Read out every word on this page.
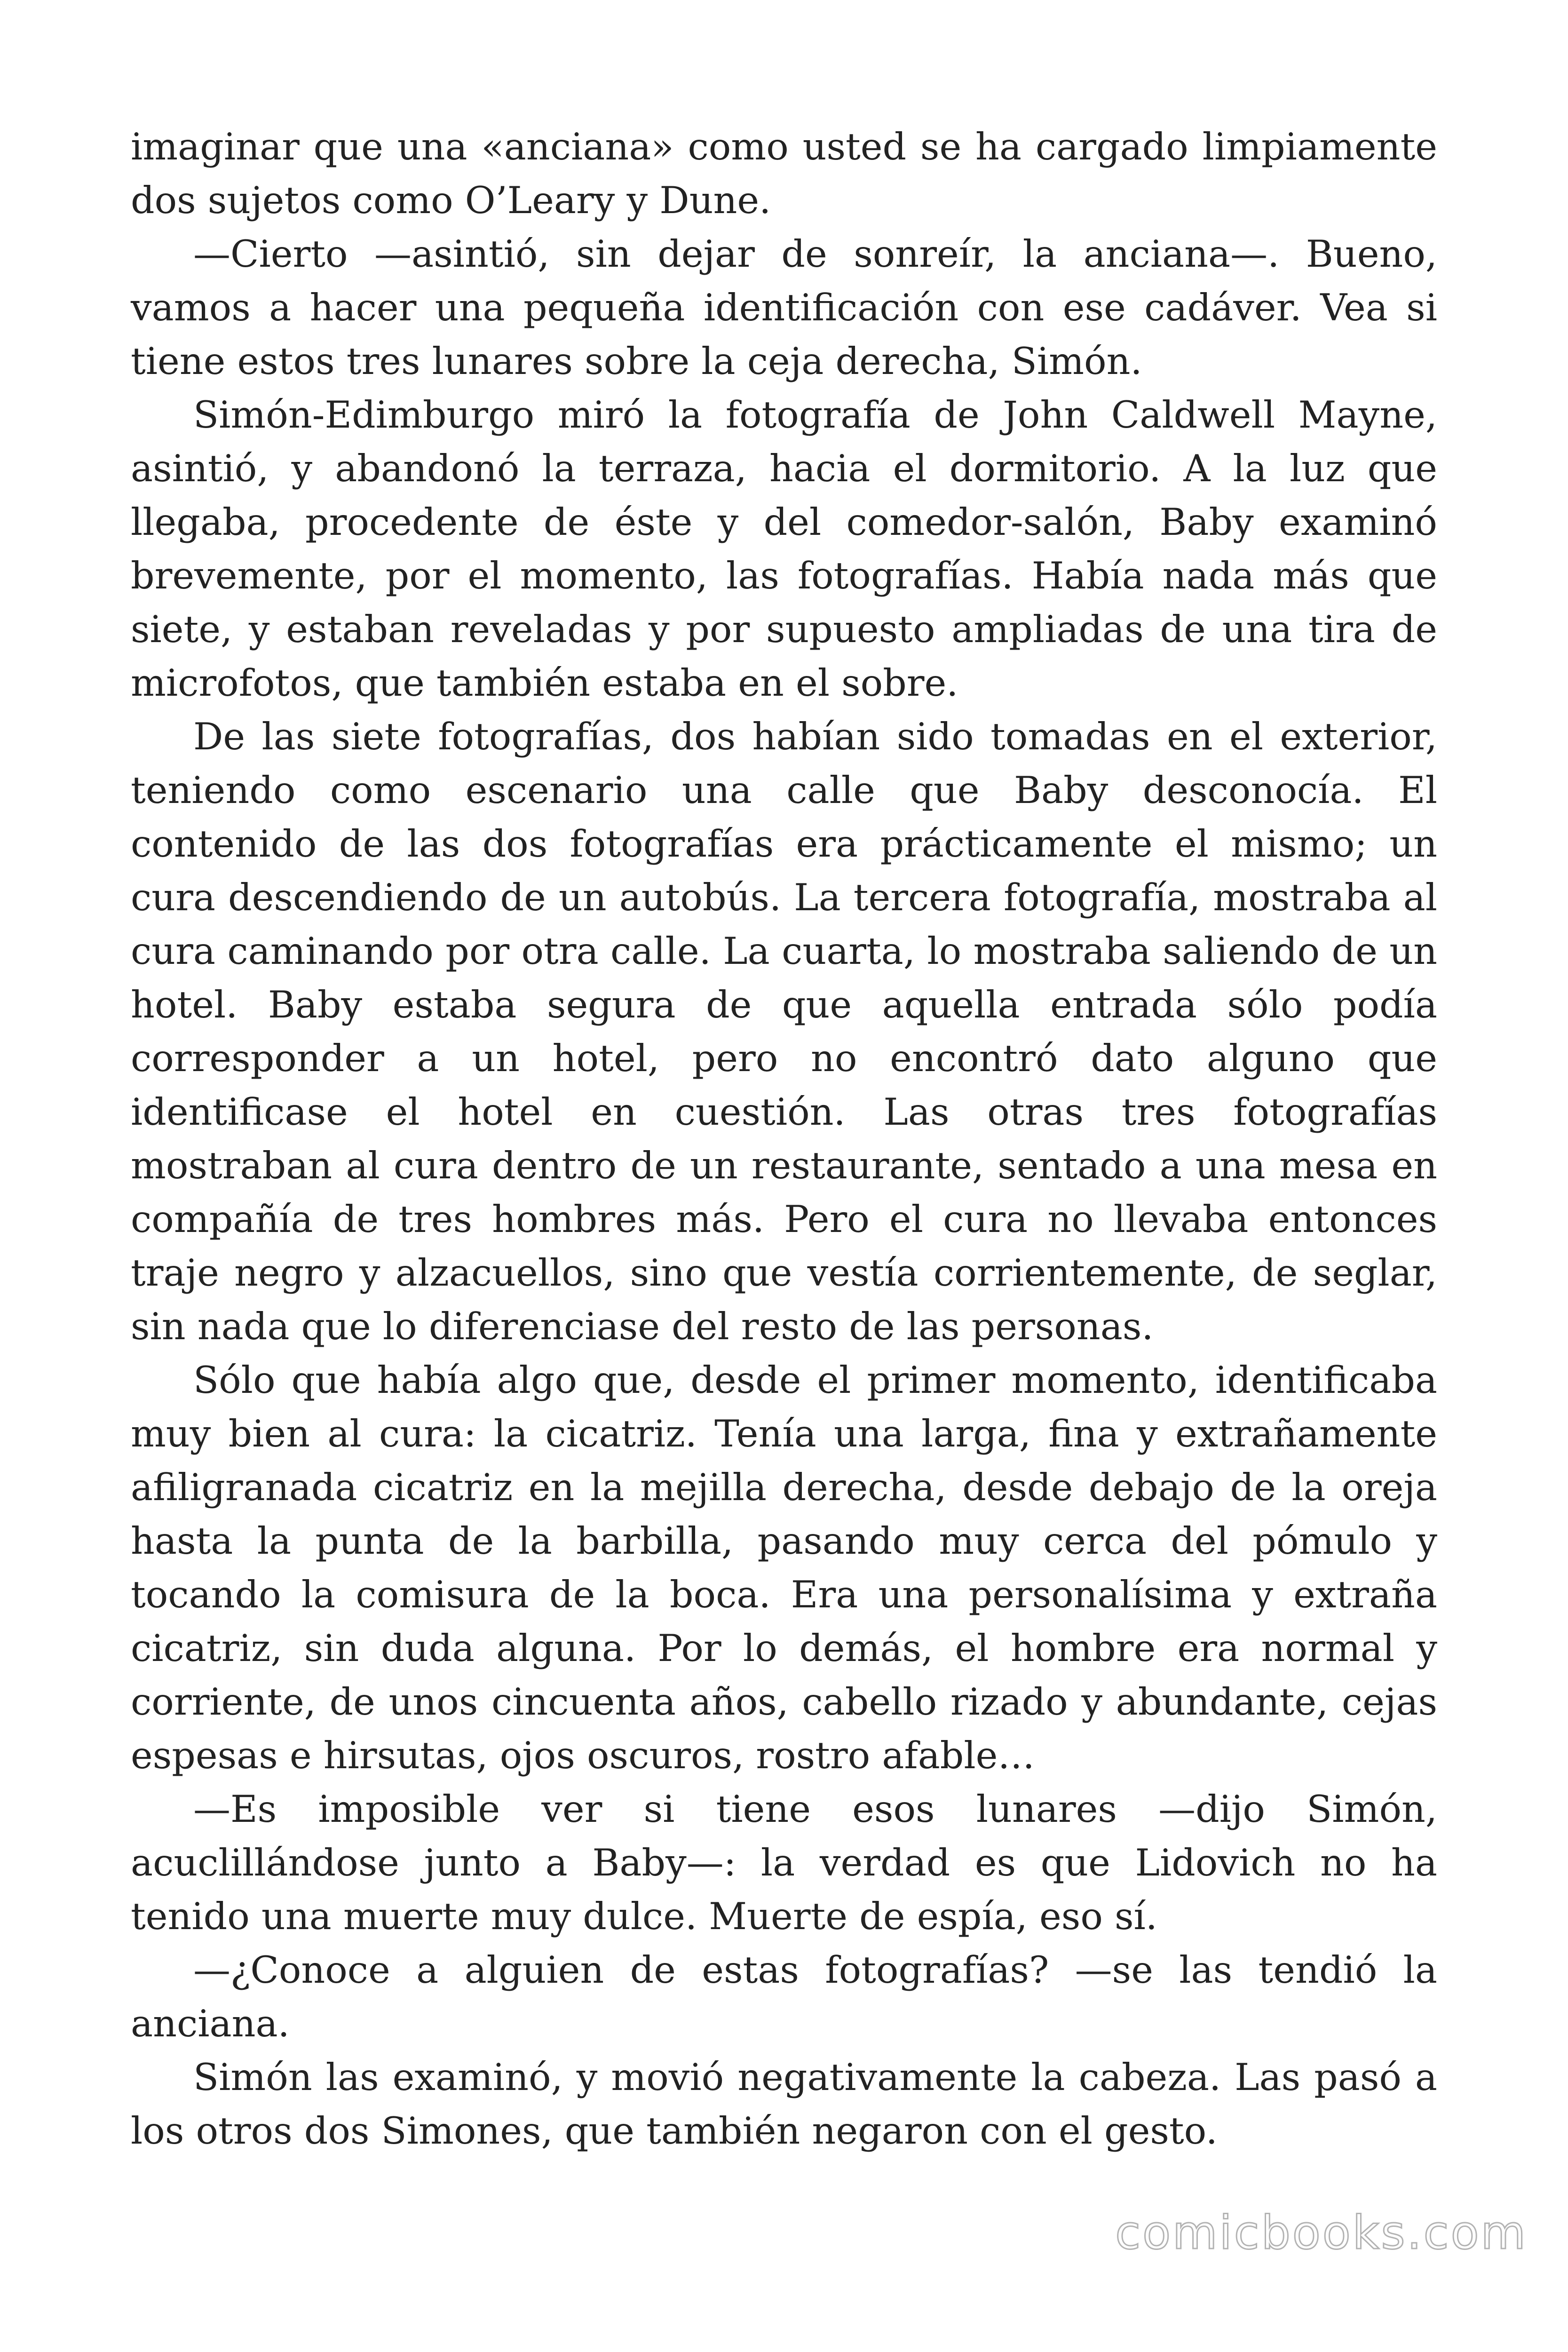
imaginar que una «anciana» como usted se ha cargado limpiamente dos sujetos como O’Leary y Dune.

—Cierto —asintió, sin dejar de sonreír, la anciana—. Bueno, vamos a hacer una pequeña identificación con ese cadáver. Vea si tiene estos tres lunares sobre la ceja derecha, Simón.

Simón-Edimburgo miró la fotografía de John Caldwell Mayne, asintió, y abandonó la terraza, hacia el dormitorio. A la luz que llegaba, procedente de éste y del comedor-salón, Baby examinó brevemente, por el momento, las fotografías. Había nada más que siete, y estaban reveladas y por supuesto ampliadas de una tira de microfotos, que también estaba en el sobre.

De las siete fotografías, dos habían sido tomadas en el exterior, teniendo como escenario una calle que Baby desconocía. El contenido de las dos fotografías era prácticamente el mismo; un cura descendiendo de un autobús. La tercera fotografía, mostraba al cura caminando por otra calle. La cuarta, lo mostraba saliendo de un hotel. Baby estaba segura de que aquella entrada sólo podía corresponder a un hotel, pero no encontró dato alguno que identificase el hotel en cuestión. Las otras tres fotografías mostraban al cura dentro de un restaurante, sentado a una mesa en compañía de tres hombres más. Pero el cura no llevaba entonces traje negro y alzacuellos, sino que vestía corrientemente, de seglar, sin nada que lo diferenciase del resto de las personas.

Sólo que había algo que, desde el primer momento, identificaba muy bien al cura: la cicatriz. Tenía una larga, fina y extrañamente afiligranada cicatriz en la mejilla derecha, desde debajo de la oreja hasta la punta de la barbilla, pasando muy cerca del pómulo y tocando la comisura de la boca. Era una personalísima y extraña cicatriz, sin duda alguna. Por lo demás, el hombre era normal y corriente, de unos cincuenta años, cabello rizado y abundante, cejas espesas e hirsutas, ojos oscuros, rostro afable…

—Es imposible ver si tiene esos lunares —dijo Simón, acuclillándose junto a Baby—: la verdad es que Lidovich no ha tenido una muerte muy dulce. Muerte de espía, eso sí.

—¿Conoce a alguien de estas fotografías? —se las tendió la anciana.

Simón las examinó, y movió negativamente la cabeza. Las pasó a los otros dos Simones, que también negaron con el gesto.

comicbooks.com
